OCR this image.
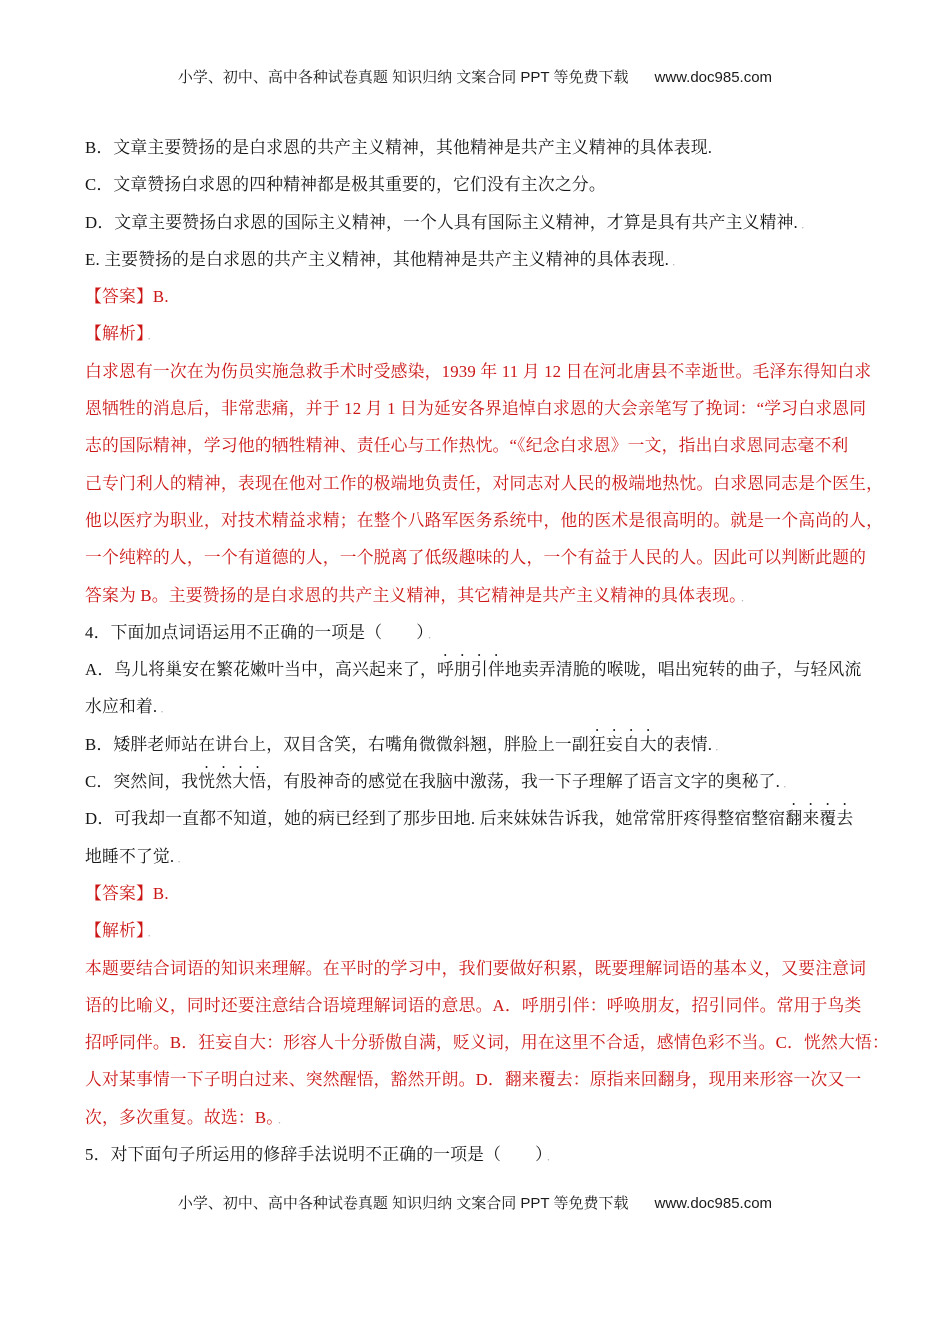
小学、初中、高中各种试卷真题 知识归纳 文案合同 PPT 等免费下载 www.doc985.com

B．文章主要赞扬的是白求恩的共产主义精神，其他精神是共产主义精神的具体表现.

C．文章赞扬白求恩的四种精神都是极其重要的，它们没有主次之分。

D．文章主要赞扬白求恩的国际主义精神，一个人具有国际主义精神，才算是具有共产主义精神. ．

E. 主要赞扬的是白求恩的共产主义精神，其他精神是共产主义精神的具体表现. ．

【答案】B.

【解析】 ．

白求恩有一次在为伤员实施急救手术时受感染，1939 年 11 月 12 日在河北唐县不幸逝世。毛泽东得知白求

恩牺牲的消息后，非常悲痛，并于 12 月 1 日为延安各界追悼白求恩的大会亲笔写了挽词：“学习白求恩同

志的国际精神，学习他的牺牲精神、责任心与工作热忱。“《纪念白求恩》一文，指出白求恩同志毫不利

己专门利人的精神，表现在他对工作的极端地负责任，对同志对人民的极端地热忱。白求恩同志是个医生，

他以医疗为职业，对技术精益求精；在整个八路军医务系统中，他的医术是很高明的。就是一个高尚的人，

一个纯粹的人，一个有道德的人，一个脱离了低级趣味的人，一个有益于人民的人。因此可以判断此题的

答案为 B。主要赞扬的是白求恩的共产主义精神，其它精神是共产主义精神的具体表现。 ．

4．下面加点词语运用不正确的一项是（　　） ．

A．鸟儿将巢安在繁花嫩叶当中，高兴起来了，呼朋引伴地卖弄清脆的喉咙，唱出宛转的曲子，与轻风流

水应和着. ．

B．矮胖老师站在讲台上，双目含笑，右嘴角微微斜翘，胖脸上一副狂妄自大的表情. ．

C．突然间，我恍然大悟，有股神奇的感觉在我脑中激荡，我一下子理解了语言文字的奥秘了. ．

D．可我却一直都不知道，她的病已经到了那步田地. 后来妹妹告诉我，她常常肝疼得整宿整宿翻来覆去

地睡不了觉. ．

【答案】B.

【解析】 ．

本题要结合词语的知识来理解。在平时的学习中，我们要做好积累，既要理解词语的基本义，又要注意词

语的比喻义，同时还要注意结合语境理解词语的意思。A．呼朋引伴：呼唤朋友，招引同伴。常用于鸟类

招呼同伴。B．狂妄自大：形容人十分骄傲自满，贬义词，用在这里不合适，感情色彩不当。C．恍然大悟：

人对某事情一下子明白过来、突然醒悟，豁然开朗。D．翻来覆去：原指来回翻身，现用来形容一次又一

次，多次重复。故选：B。 ．

5．对下面句子所运用的修辞手法说明不正确的一项是（　　） ．

小学、初中、高中各种试卷真题 知识归纳 文案合同 PPT 等免费下载 www.doc985.com
